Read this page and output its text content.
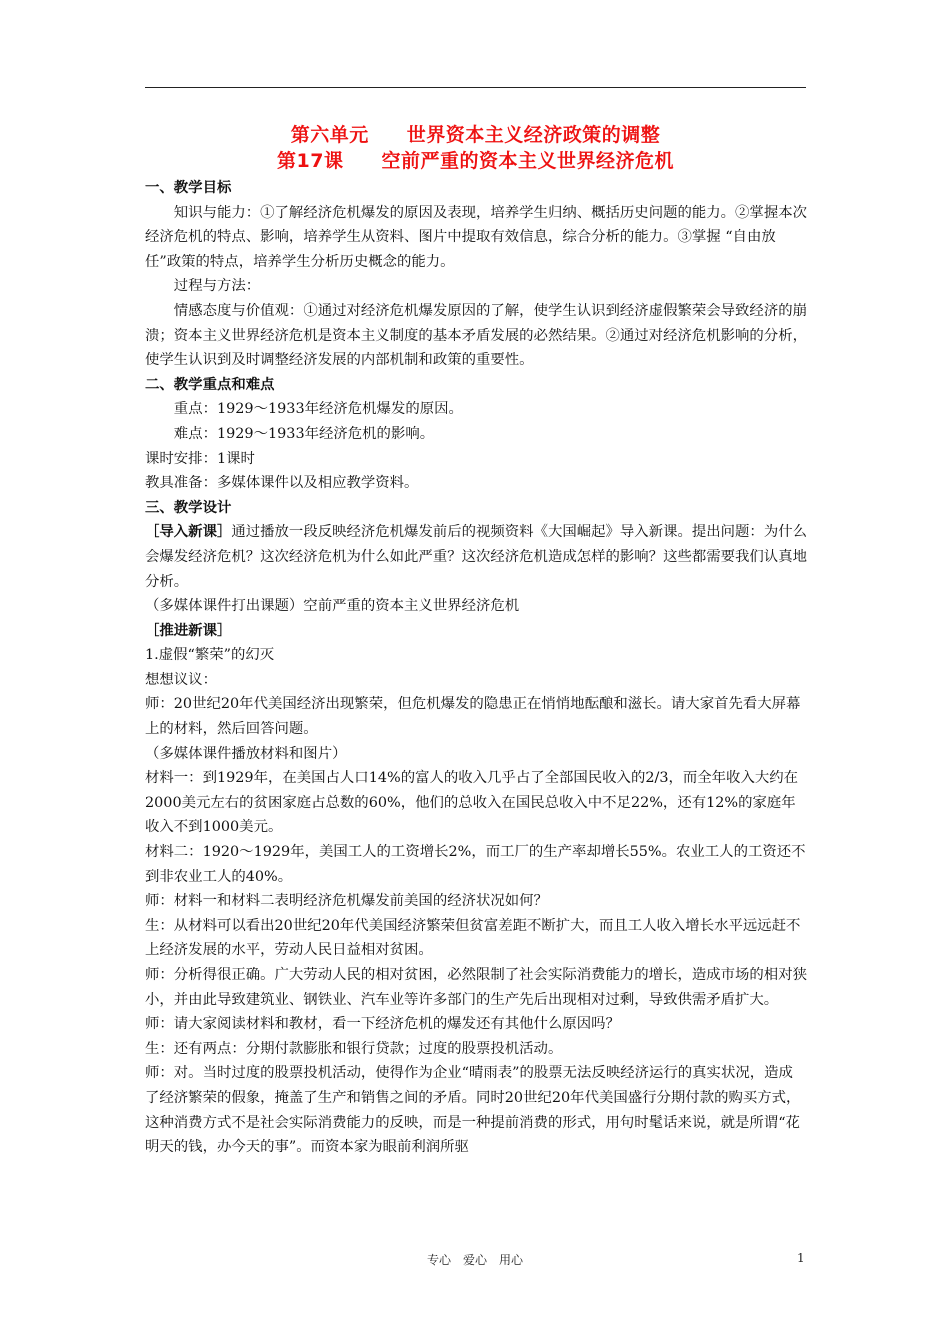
第六单元 世界资本主义经济政策的调整
第17课 空前严重的资本主义世界经济危机

一、教学目标

知识与能力：①了解经济危机爆发的原因及表现，培养学生归纳、概括历史问题的能力。②掌握本次经济危机的特点、影响，培养学生从资料、图片中提取有效信息，综合分析的能力。③掌握 “自由放任”政策的特点，培养学生分析历史概念的能力。

过程与方法：

情感态度与价值观：①通过对经济危机爆发原因的了解，使学生认识到经济虚假繁荣会导致经济的崩溃；资本主义世界经济危机是资本主义制度的基本矛盾发展的必然结果。②通过对经济危机影响的分析，使学生认识到及时调整经济发展的内部机制和政策的重要性。

二、教学重点和难点

重点：1929～1933年经济危机爆发的原因。

难点：1929～1933年经济危机的影响。

课时安排：1课时

教具准备：多媒体课件以及相应教学资料。

三、教学设计

［导入新课］通过播放一段反映经济危机爆发前后的视频资料《大国崛起》导入新课。提出问题：为什么会爆发经济危机？这次经济危机为什么如此严重？这次经济危机造成怎样的影响？这些都需要我们认真地分析。

（多媒体课件打出课题）空前严重的资本主义世界经济危机

［推进新课］

1.虚假“繁荣”的幻灭

想想议议：

师：20世纪20年代美国经济出现繁荣，但危机爆发的隐患正在悄悄地酝酿和滋长。请大家首先看大屏幕上的材料，然后回答问题。

（多媒体课件播放材料和图片）

材料一：到1929年，在美国占人口14%的富人的收入几乎占了全部国民收入的2/3，而全年收入大约在2000美元左右的贫困家庭占总数的60%，他们的总收入在国民总收入中不足22%，还有12%的家庭年收入不到1000美元。

材料二：1920～1929年，美国工人的工资增长2%，而工厂的生产率却增长55%。农业工人的工资还不到非农业工人的40%。

师：材料一和材料二表明经济危机爆发前美国的经济状况如何？

生：从材料可以看出20世纪20年代美国经济繁荣但贫富差距不断扩大，而且工人收入增长水平远远赶不上经济发展的水平，劳动人民日益相对贫困。

师：分析得很正确。广大劳动人民的相对贫困，必然限制了社会实际消费能力的增长，造成市场的相对狭小，并由此导致建筑业、钢铁业、汽车业等许多部门的生产先后出现相对过剩，导致供需矛盾扩大。

师：请大家阅读材料和教材，看一下经济危机的爆发还有其他什么原因吗？

生：还有两点：分期付款膨胀和银行贷款；过度的股票投机活动。

师：对。当时过度的股票投机活动，使得作为企业“晴雨表”的股票无法反映经济运行的真实状况，造成了经济繁荣的假象，掩盖了生产和销售之间的矛盾。同时20世纪20年代美国盛行分期付款的购买方式，这种消费方式不是社会实际消费能力的反映，而是一种提前消费的形式，用句时髦话来说，就是所谓“花明天的钱，办今天的事”。而资本家为眼前利润所驱

专心　爱心　用心	1
